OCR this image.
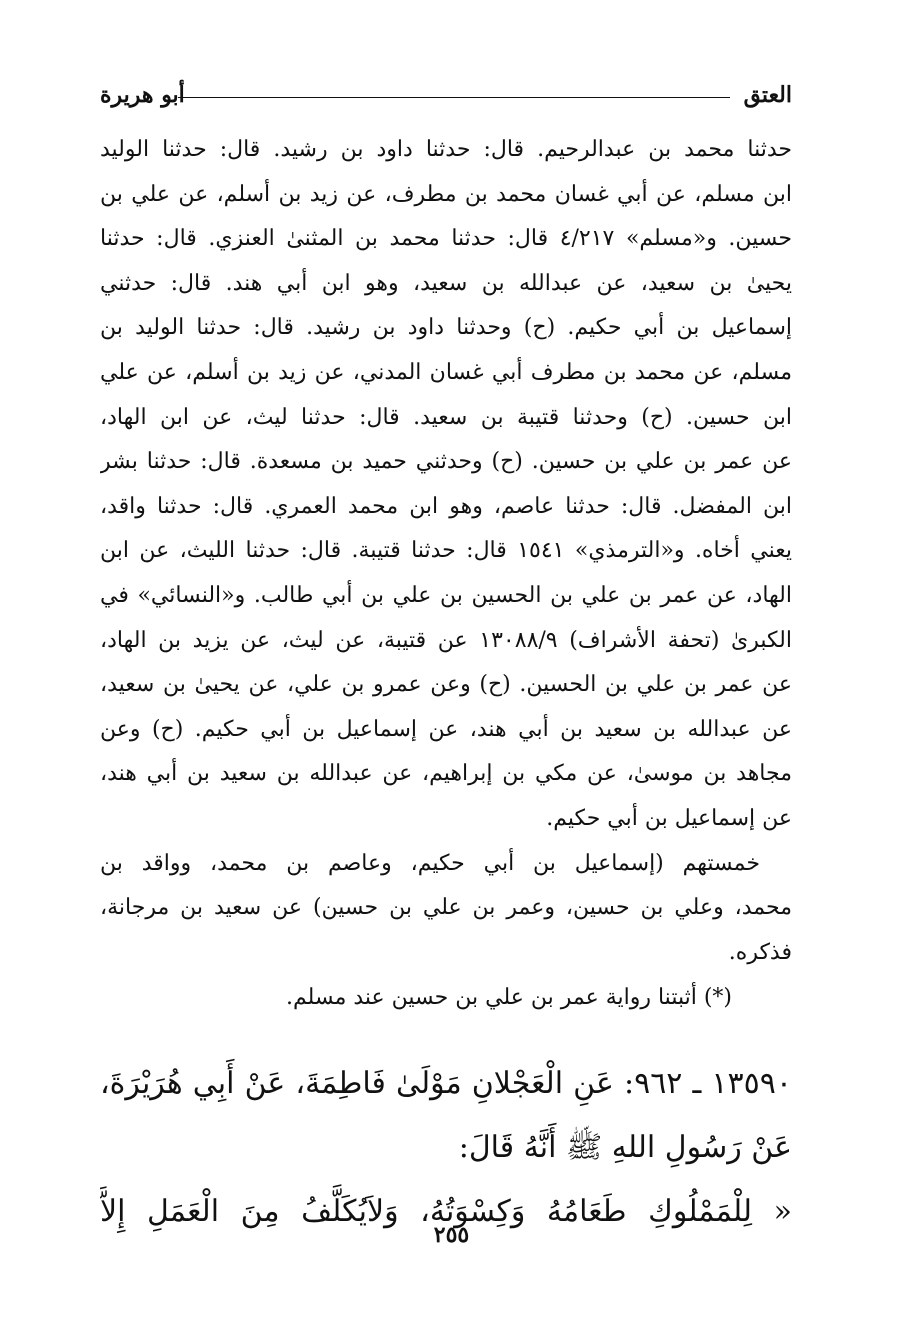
العتق
أبو هريرة
حدثنا محمد بن عبدالرحيم. قال: حدثنا داود بن رشيد. قال: حدثنا الوليد
ابن مسلم، عن أبي غسان محمد بن مطرف، عن زيد بن أسلم، عن علي بن
حسين. و«مسلم» ٤/٢١٧ قال: حدثنا محمد بن المثنىٰ العنزي. قال: حدثنا
يحيىٰ بن سعيد، عن عبدالله بن سعيد، وهو ابن أبي هند. قال: حدثني
إسماعيل بن أبي حكيم. (ح) وحدثنا داود بن رشيد. قال: حدثنا الوليد بن
مسلم، عن محمد بن مطرف أبي غسان المدني، عن زيد بن أسلم، عن علي
ابن حسين. (ح) وحدثنا قتيبة بن سعيد. قال: حدثنا ليث، عن ابن الهاد،
عن عمر بن علي بن حسين. (ح) وحدثني حميد بن مسعدة. قال: حدثنا بشر
ابن المفضل. قال: حدثنا عاصم، وهو ابن محمد العمري. قال: حدثنا واقد،
يعني أخاه. و«الترمذي» ١٥٤١ قال: حدثنا قتيبة. قال: حدثنا الليث، عن ابن
الهاد، عن عمر بن علي بن الحسين بن علي بن أبي طالب. و«النسائي» في
الكبرىٰ (تحفة الأشراف) ١٣٠٨٨/٩ عن قتيبة، عن ليث، عن يزيد بن الهاد،
عن عمر بن علي بن الحسين. (ح) وعن عمرو بن علي، عن يحيىٰ بن سعيد،
عن عبدالله بن سعيد بن أبي هند، عن إسماعيل بن أبي حكيم. (ح) وعن
مجاهد بن موسىٰ، عن مكي بن إبراهيم، عن عبدالله بن سعيد بن أبي هند،
عن إسماعيل بن أبي حكيم.
خمستهم (إسماعيل بن أبي حكيم، وعاصم بن محمد، وواقد بن
محمد، وعلي بن حسين، وعمر بن علي بن حسين) عن سعيد بن مرجانة،
فذكره.
(*) أثبتنا رواية عمر بن علي بن حسين عند مسلم.
١٣٥٩٠ ـ ٩٦٢: عَنِ الْعَجْلانِ مَوْلَىٰ فَاطِمَةَ، عَنْ أَبِي هُرَيْرَةَ،
عَنْ رَسُولِ اللهِ ﷺ أَنَّهُ قَالَ:
« لِلْمَمْلُوكِ طَعَامُهُ وَكِسْوَتُهُ، وَلاَيُكَلَّفُ مِنَ الْعَمَلِ إِلاَّ
٢٥٥
